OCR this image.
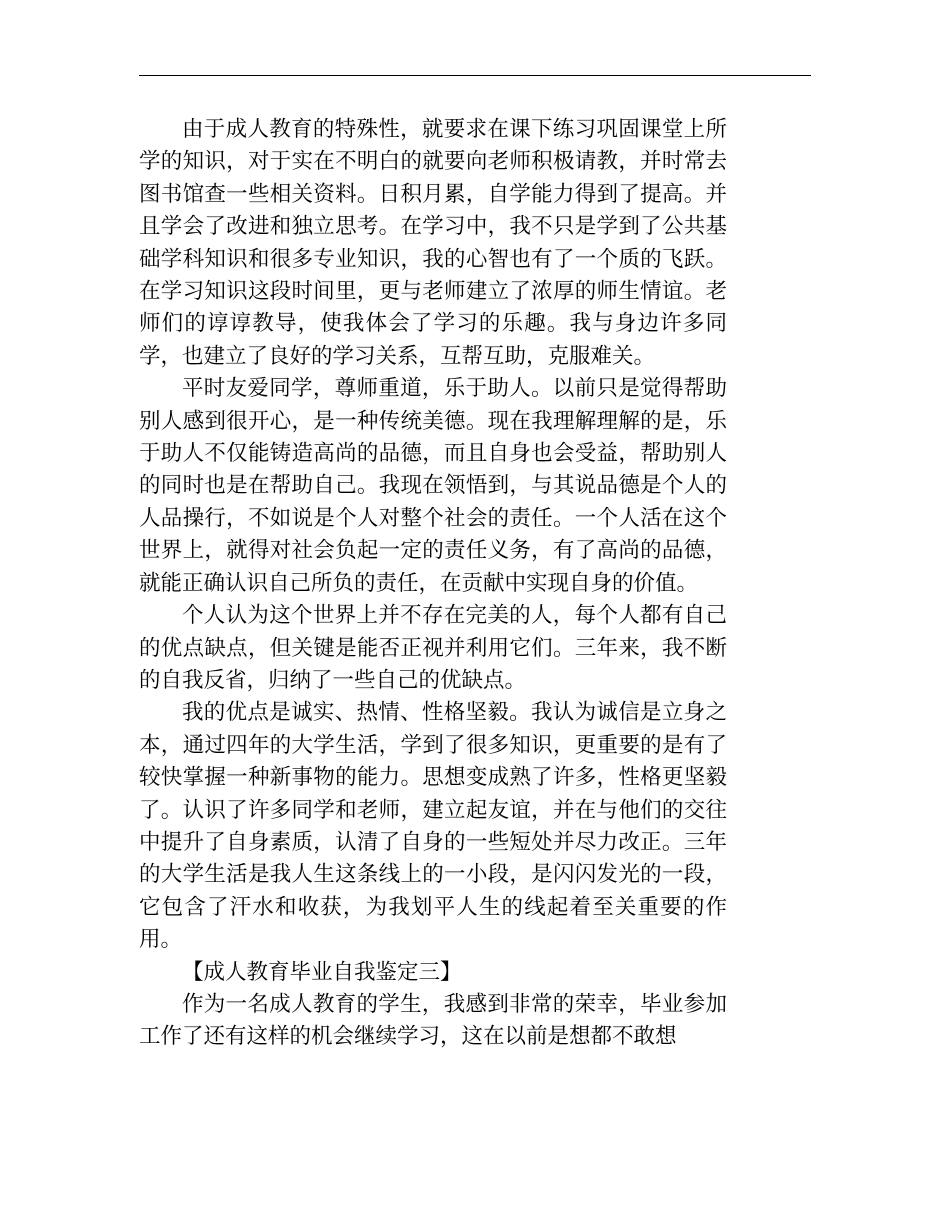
由于成人教育的特殊性，就要求在课下练习巩固课堂上所学的知识，对于实在不明白的就要向老师积极请教，并时常去图书馆查一些相关资料。日积月累，自学能力得到了提高。并且学会了改进和独立思考。在学习中，我不只是学到了公共基础学科知识和很多专业知识，我的心智也有了一个质的飞跃。在学习知识这段时间里，更与老师建立了浓厚的师生情谊。老师们的谆谆教导，使我体会了学习的乐趣。我与身边许多同学，也建立了良好的学习关系，互帮互助，克服难关。

平时友爱同学，尊师重道，乐于助人。以前只是觉得帮助别人感到很开心，是一种传统美德。现在我理解理解的是，乐于助人不仅能铸造高尚的品德，而且自身也会受益，帮助别人的同时也是在帮助自己。我现在领悟到，与其说品德是个人的人品操行，不如说是个人对整个社会的责任。一个人活在这个世界上，就得对社会负起一定的责任义务，有了高尚的品德，就能正确认识自己所负的责任，在贡献中实现自身的价值。

个人认为这个世界上并不存在完美的人，每个人都有自己的优点缺点，但关键是能否正视并利用它们。三年来，我不断的自我反省，归纳了一些自己的优缺点。

我的优点是诚实、热情、性格坚毅。我认为诚信是立身之本，通过四年的大学生活，学到了很多知识，更重要的是有了较快掌握一种新事物的能力。思想变成熟了许多，性格更坚毅了。认识了许多同学和老师，建立起友谊，并在与他们的交往中提升了自身素质，认清了自身的一些短处并尽力改正。三年的大学生活是我人生这条线上的一小段，是闪闪发光的一段，它包含了汗水和收获，为我划平人生的线起着至关重要的作用。

【成人教育毕业自我鉴定三】

作为一名成人教育的学生，我感到非常的荣幸，毕业参加工作了还有这样的机会继续学习，这在以前是想都不敢想
